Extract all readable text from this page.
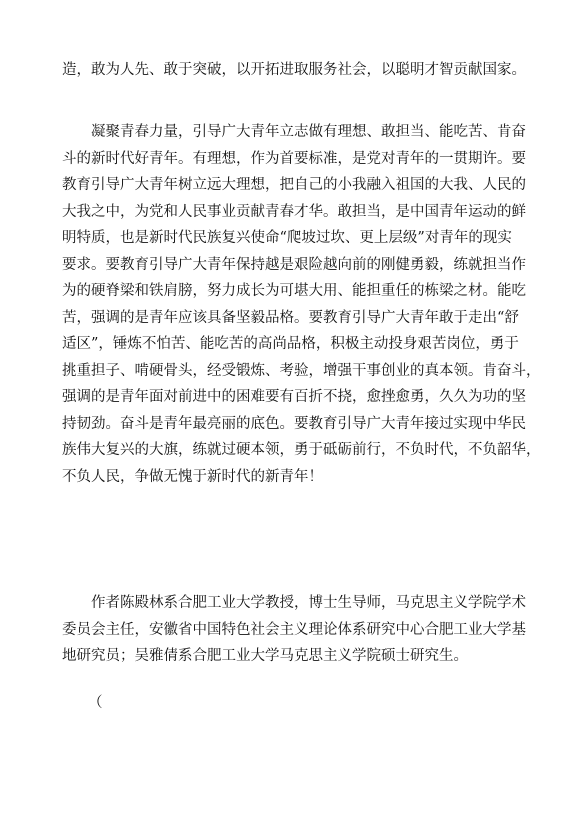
造，敢为人先、敢于突破，以开拓进取服务社会，以聪明才智贡献国家。
凝聚青春力量，引导广大青年立志做有理想、敢担当、能吃苦、肯奋
斗的新时代好青年。有理想，作为首要标准，是党对青年的一贯期许。要
教育引导广大青年树立远大理想，把自己的小我融入祖国的大我、人民的
大我之中，为党和人民事业贡献青春才华。敢担当，是中国青年运动的鲜
明特质，也是新时代民族复兴使命“爬坡过坎、更上层级”对青年的现实
要求。要教育引导广大青年保持越是艰险越向前的刚健勇毅，练就担当作
为的硬脊梁和铁肩膀，努力成长为可堪大用、能担重任的栋梁之材。能吃
苦，强调的是青年应该具备坚毅品格。要教育引导广大青年敢于走出“舒
适区”，锤炼不怕苦、能吃苦的高尚品格，积极主动投身艰苦岗位，勇于
挑重担子、啃硬骨头，经受锻炼、考验，增强干事创业的真本领。肯奋斗，
强调的是青年面对前进中的困难要有百折不挠，愈挫愈勇，久久为功的坚
持韧劲。奋斗是青年最亮丽的底色。要教育引导广大青年接过实现中华民
族伟大复兴的大旗，练就过硬本领，勇于砥砺前行，不负时代，不负韶华，
不负人民，争做无愧于新时代的新青年！
作者陈殿林系合肥工业大学教授，博士生导师，马克思主义学院学术
委员会主任，安徽省中国特色社会主义理论体系研究中心合肥工业大学基
地研究员；吴雅倩系合肥工业大学马克思主义学院硕士研究生。
（
